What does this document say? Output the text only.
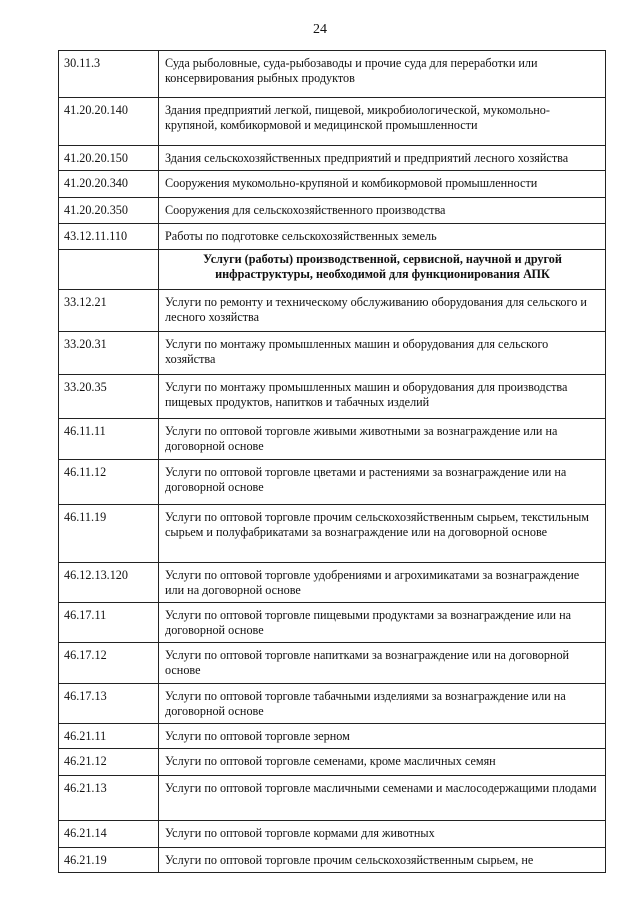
24
30.11.3	Суда рыболовные, суда-рыбозаводы и прочие суда для переработки или консервирования рыбных продуктов
41.20.20.140	Здания предприятий легкой, пищевой, микробиологической, мукомольно-крупяной, комбикормовой и медицинской промышленности
41.20.20.150	Здания сельскохозяйственных предприятий и предприятий лесного хозяйства
41.20.20.340	Сооружения мукомольно-крупяной и комбикормовой промышленности
41.20.20.350	Сооружения для сельскохозяйственного производства
43.12.11.110	Работы по подготовке сельскохозяйственных земель
	Услуги (работы) производственной, сервисной, научной и другой инфраструктуры, необходимой для функционирования АПК
33.12.21	Услуги по ремонту и техническому обслуживанию оборудования для сельского и лесного хозяйства
33.20.31	Услуги по монтажу промышленных машин и оборудования для сельского хозяйства
33.20.35	Услуги по монтажу промышленных машин и оборудования для производства пищевых продуктов, напитков и табачных изделий
46.11.11	Услуги по оптовой торговле живыми животными за вознаграждение или на договорной основе
46.11.12	Услуги по оптовой торговле цветами и растениями за вознаграждение или на договорной основе
46.11.19	Услуги по оптовой торговле прочим сельскохозяйственным сырьем, текстильным сырьем и полуфабрикатами за вознаграждение или на договорной основе
46.12.13.120	Услуги по оптовой торговле удобрениями и агрохимикатами за вознаграждение или на договорной основе
46.17.11	Услуги по оптовой торговле пищевыми продуктами за вознаграждение или на договорной основе
46.17.12	Услуги по оптовой торговле напитками за вознаграждение или на договорной основе
46.17.13	Услуги по оптовой торговле табачными изделиями за вознаграждение или на договорной основе
46.21.11	Услуги по оптовой торговле зерном
46.21.12	Услуги по оптовой торговле семенами, кроме масличных семян
46.21.13	Услуги по оптовой торговле масличными семенами и маслосодержащими плодами
46.21.14	Услуги по оптовой торговле кормами для животных
46.21.19	Услуги по оптовой торговле прочим сельскохозяйственным сырьем, не
